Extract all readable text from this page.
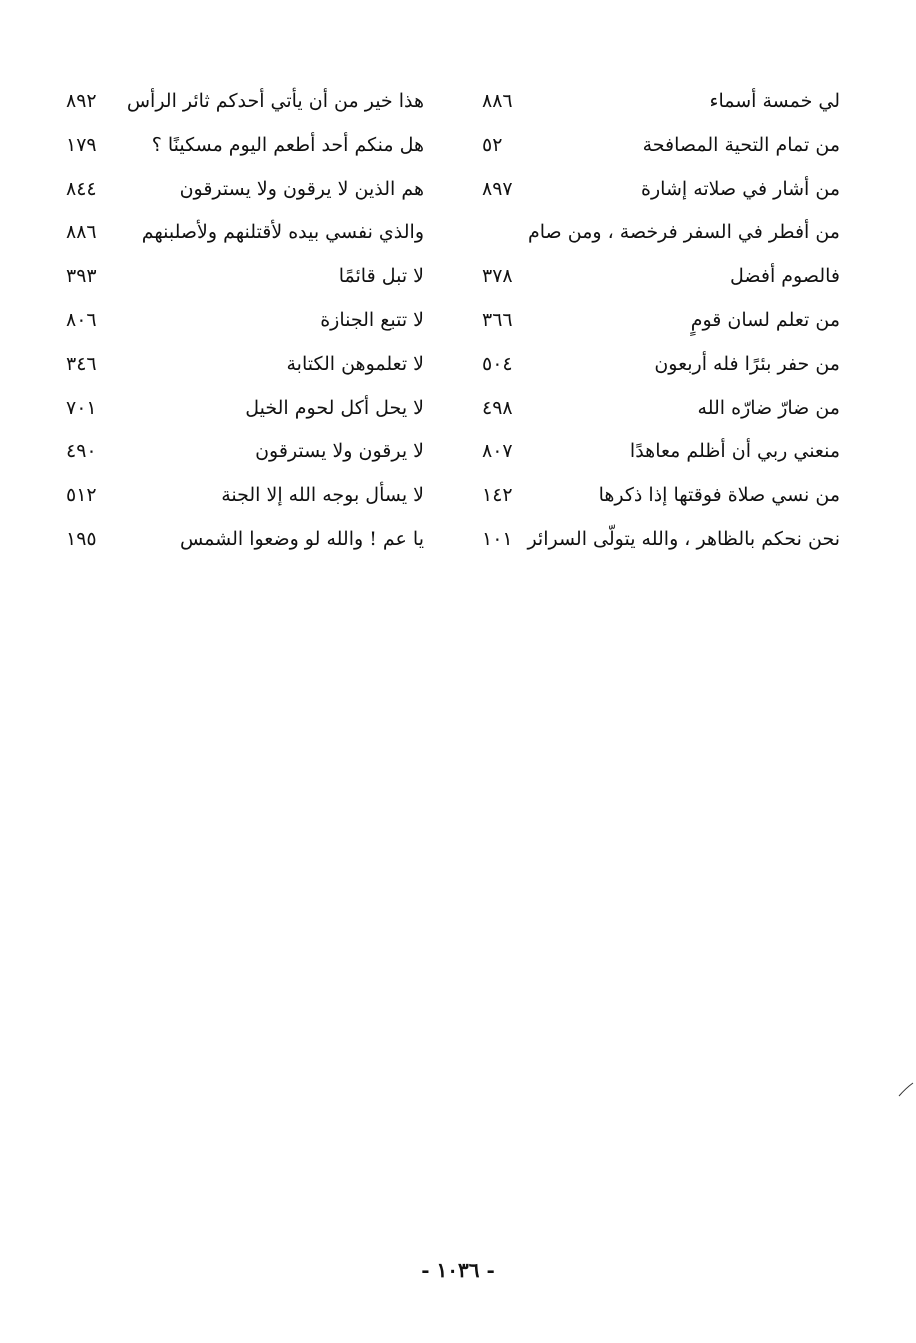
لي خمسة أسماء
٨٨٦
من تمام التحية المصافحة
٥٢
من أشار في صلاته إشارة
٨٩٧
من أفطر في السفر فرخصة ، ومن صام
فالصوم أفضل
٣٧٨
من تعلم لسان قومٍ
٣٦٦
من حفر بئرًا فله أربعون
٥٠٤
من ضارّ ضارّه الله
٤٩٨
منعني ربي أن أظلم معاهدًا
٨٠٧
من نسي صلاة فوقتها إذا ذكرها
١٤٢
نحن نحكم بالظاهر ، والله يتولّى السرائر
١٠١
هذا خير من أن يأتي أحدكم ثائر الرأس
٨٩٢
هل منكم أحد أطعم اليوم مسكينًا ؟
١٧٩
هم الذين لا يرقون ولا يسترقون
٨٤٤
والذي نفسي بيده لأقتلنهم ولأصلبنهم
٨٨٦
لا تبل قائمًا
٣٩٣
لا تتبع الجنازة
٨٠٦
لا تعلموهن الكتابة
٣٤٦
لا يحل أكل لحوم الخيل
٧٠١
لا يرقون ولا يسترقون
٤٩٠
لا يسأل بوجه الله إلا الجنة
٥١٢
يا عم ! والله لو وضعوا الشمس
١٩٥
- ١٠٣٦ -
